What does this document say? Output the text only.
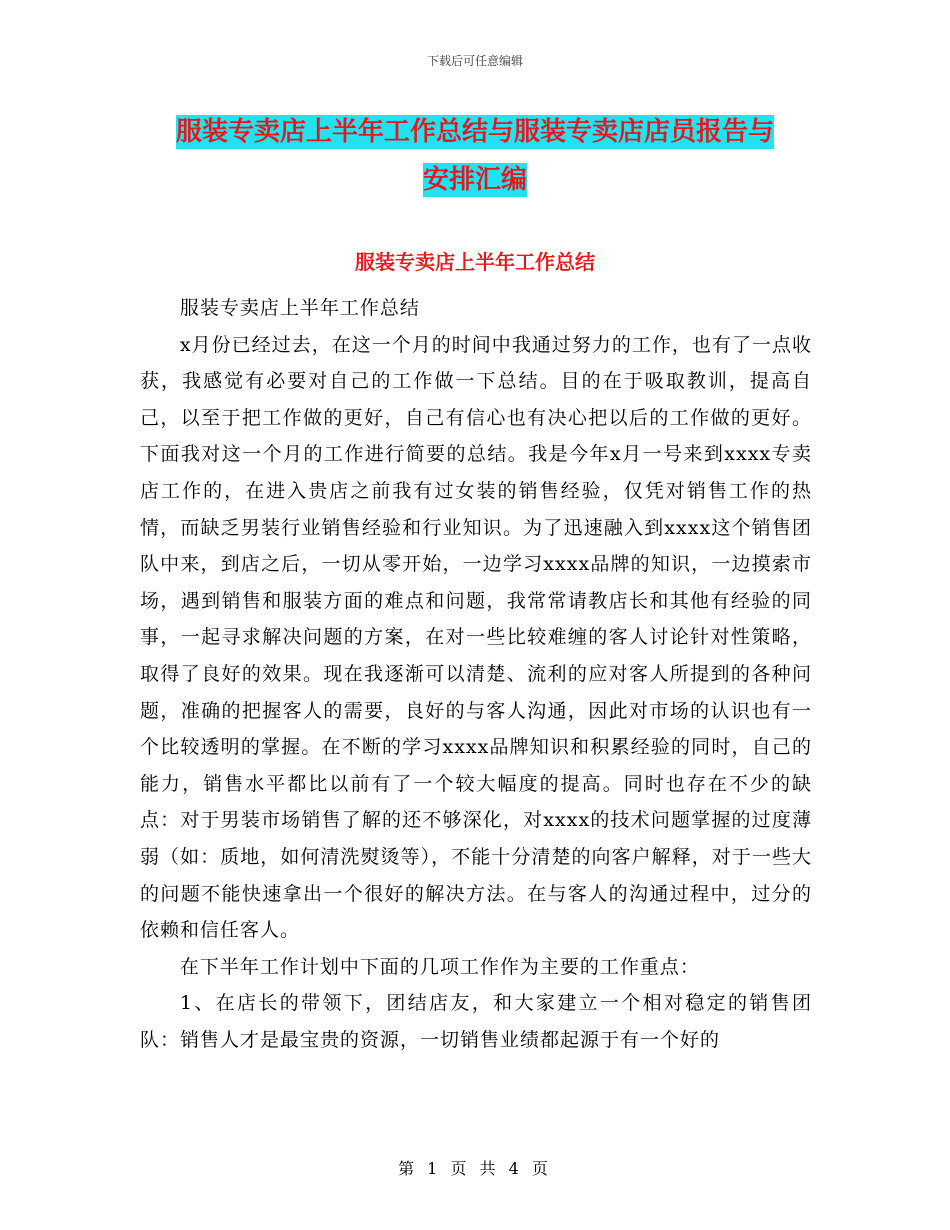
下载后可任意编辑
服装专卖店上半年工作总结与服装专卖店店员报告与
安排汇编
服装专卖店上半年工作总结

服装专卖店上半年工作总结

x月份已经过去，在这一个月的时间中我通过努力的工作，也有了一点收获，我感觉有必要对自己的工作做一下总结。目的在于吸取教训，提高自己，以至于把工作做的更好，自己有信心也有决心把以后的工作做的更好。下面我对这一个月的工作进行简要的总结。我是今年x月一号来到xxxx专卖店工作的，在进入贵店之前我有过女装的销售经验，仅凭对销售工作的热情，而缺乏男装行业销售经验和行业知识。为了迅速融入到xxxx这个销售团队中来，到店之后，一切从零开始，一边学习xxxx品牌的知识，一边摸索市场，遇到销售和服装方面的难点和问题，我常常请教店长和其他有经验的同事，一起寻求解决问题的方案，在对一些比较难缠的客人讨论针对性策略，取得了良好的效果。现在我逐渐可以清楚、流利的应对客人所提到的各种问题，准确的把握客人的需要，良好的与客人沟通，因此对市场的认识也有一个比较透明的掌握。在不断的学习xxxx品牌知识和积累经验的同时，自己的能力，销售水平都比以前有了一个较大幅度的提高。同时也存在不少的缺点：对于男装市场销售了解的还不够深化，对xxxx的技术问题掌握的过度薄弱（如：质地，如何清洗熨烫等），不能十分清楚的向客户解释，对于一些大的问题不能快速拿出一个很好的解决方法。在与客人的沟通过程中，过分的依赖和信任客人。

在下半年工作计划中下面的几项工作作为主要的工作重点：

1、在店长的带领下，团结店友，和大家建立一个相对稳定的销售团队：销售人才是最宝贵的资源，一切销售业绩都起源于有一个好的

第 1 页 共 4 页
